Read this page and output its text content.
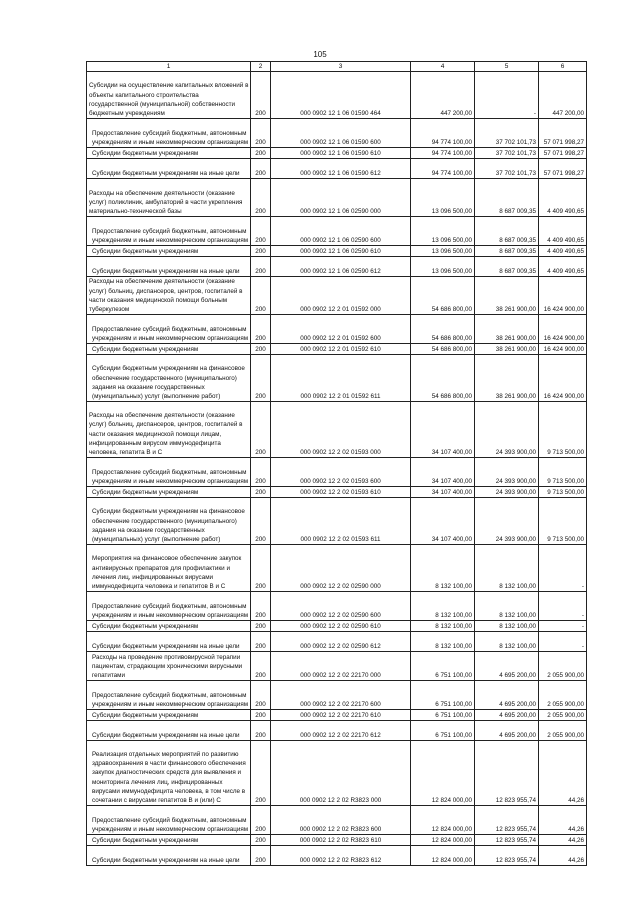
105
1	2	3	4	5	6
Субсидии на осуществление капитальных вложений в объекты капитального строительства государственной (муниципальной) собственности бюджетным учреждениям	200	000 0902 12 1 06 01590 464	447 200,00	-	447 200,00
Предоставление субсидий бюджетным, автономным учреждениям и иным некоммерческим организациям	200	000 0902 12 1 06 01590 600	94 774 100,00	37 702 101,73	57 071 998,27
Субсидии бюджетным учреждениям	200	000 0902 12 1 06 01590 610	94 774 100,00	37 702 101,73	57 071 998,27
Субсидии бюджетным учреждениям на иные цели	200	000 0902 12 1 06 01590 612	94 774 100,00	37 702 101,73	57 071 998,27
Расходы на обеспечение деятельности (оказание услуг) поликлиник, амбулаторий в части укрепления материально-технической базы	200	000 0902 12 1 06 02590 000	13 096 500,00	8 687 009,35	4 409 490,65
Предоставление субсидий бюджетным, автономным учреждениям и иным некоммерческим организациям	200	000 0902 12 1 06 02590 600	13 096 500,00	8 687 009,35	4 409 490,65
Субсидии бюджетным учреждениям	200	000 0902 12 1 06 02590 610	13 096 500,00	8 687 009,35	4 409 490,65
Субсидии бюджетным учреждениям на иные цели	200	000 0902 12 1 06 02590 612	13 096 500,00	8 687 009,35	4 409 490,65
Расходы на обеспечение деятельности (оказание услуг) больниц, диспансеров, центров, госпиталей в части оказания медицинской помощи больным туберкулезом	200	000 0902 12 2 01 01592 000	54 686 800,00	38 261 900,00	16 424 900,00
Предоставление субсидий бюджетным, автономным учреждениям и иным некоммерческим организациям	200	000 0902 12 2 01 01592 600	54 686 800,00	38 261 900,00	16 424 900,00
Субсидии бюджетным учреждениям	200	000 0902 12 2 01 01592 610	54 686 800,00	38 261 900,00	16 424 900,00
Субсидии бюджетным учреждениям на финансовое обеспечение государственного (муниципального) задания на оказание государственных (муниципальных) услуг (выполнение работ)	200	000 0902 12 2 01 01592 611	54 686 800,00	38 261 900,00	16 424 900,00
Расходы на обеспечение деятельности (оказание услуг) больниц, диспансеров, центров, госпиталей в части оказания медицинской помощи лицам, инфицированным вирусом иммунодефицита человека, гепатита В и С	200	000 0902 12 2 02 01593 000	34 107 400,00	24 393 900,00	9 713 500,00
Предоставление субсидий бюджетным, автономным учреждениям и иным некоммерческим организациям	200	000 0902 12 2 02 01593 600	34 107 400,00	24 393 900,00	9 713 500,00
Субсидии бюджетным учреждениям	200	000 0902 12 2 02 01593 610	34 107 400,00	24 393 900,00	9 713 500,00
Субсидии бюджетным учреждениям на финансовое обеспечение государственного (муниципального) задания на оказание государственных (муниципальных) услуг (выполнение работ)	200	000 0902 12 2 02 01593 611	34 107 400,00	24 393 900,00	9 713 500,00
Мероприятия на финансовое обеспечение закупок антивирусных препаратов для профилактики и лечения лиц, инфицированных вирусами иммунодефицита человека и гепатитов В и С	200	000 0902 12 2 02 02590 000	8 132 100,00	8 132 100,00	-
Предоставление субсидий бюджетным, автономным учреждениям и иным некоммерческим организациям	200	000 0902 12 2 02 02590 600	8 132 100,00	8 132 100,00	-
Субсидии бюджетным учреждениям	200	000 0902 12 2 02 02590 610	8 132 100,00	8 132 100,00	-
Субсидии бюджетным учреждениям на иные цели	200	000 0902 12 2 02 02590 612	8 132 100,00	8 132 100,00	-
Расходы на проведение противовирусной терапии пациентам, страдающим хроническими вирусными гепатитами	200	000 0902 12 2 02 22170 000	6 751 100,00	4 695 200,00	2 055 900,00
Предоставление субсидий бюджетным, автономным учреждениям и иным некоммерческим организациям	200	000 0902 12 2 02 22170 600	6 751 100,00	4 695 200,00	2 055 900,00
Субсидии бюджетным учреждениям	200	000 0902 12 2 02 22170 610	6 751 100,00	4 695 200,00	2 055 900,00
Субсидии бюджетным учреждениям на иные цели	200	000 0902 12 2 02 22170 612	6 751 100,00	4 695 200,00	2 055 900,00
Реализация отдельных мероприятий по развитию здравоохранения в части финансового обеспечения закупок диагностических средств для выявления и мониторинга лечения лиц, инфицированных вирусами иммунодефицита человека, в том числе в сочетании с вирусами гепатитов В и (или) С	200	000 0902 12 2 02 R3823 000	12 824 000,00	12 823 955,74	44,26
Предоставление субсидий бюджетным, автономным учреждениям и иным некоммерческим организациям	200	000 0902 12 2 02 R3823 600	12 824 000,00	12 823 955,74	44,26
Субсидии бюджетным учреждениям	200	000 0902 12 2 02 R3823 610	12 824 000,00	12 823 955,74	44,26
Субсидии бюджетным учреждениям на иные цели	200	000 0902 12 2 02 R3823 612	12 824 000,00	12 823 955,74	44,26
